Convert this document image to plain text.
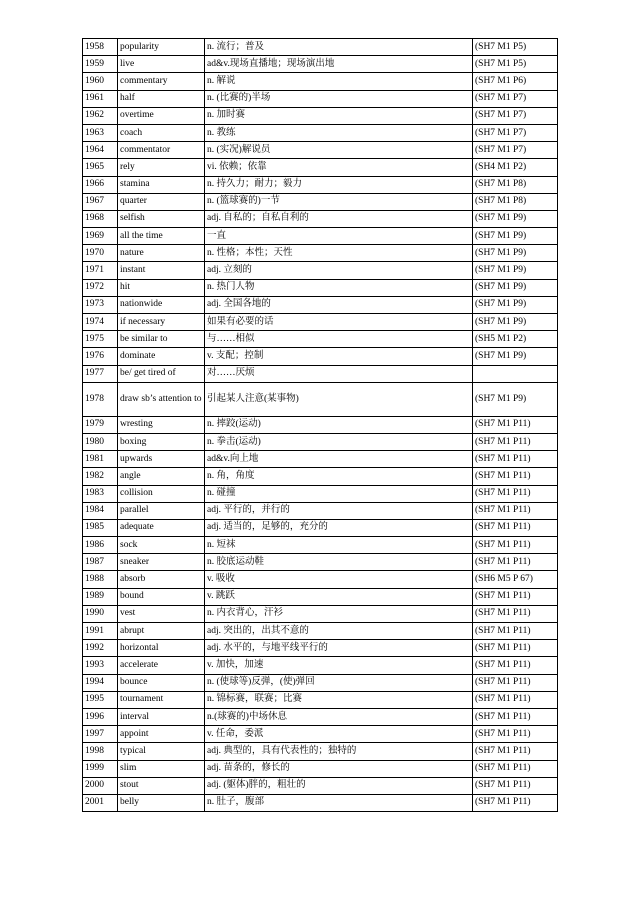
1958	popularity	n. 流行；普及	(SH7 M1 P5)
1959	live	ad&v.现场直播地；现场演出地	(SH7 M1 P5)
1960	commentary	n. 解说	(SH7 M1 P6)
1961	half	n. (比赛的)半场	(SH7 M1 P7)
1962	overtime	n. 加时赛	(SH7 M1 P7)
1963	coach	n. 教练	(SH7 M1 P7)
1964	commentator	n. (实况)解说员	(SH7 M1 P7)
1965	rely	vi. 依赖；依靠	(SH4 M1 P2)
1966	stamina	n. 持久力；耐力；毅力	(SH7 M1 P8)
1967	quarter	n. (篮球赛的)一节	(SH7 M1 P8)
1968	selfish	adj. 自私的；自私自利的	(SH7 M1 P9)
1969	all the time	一直	(SH7 M1 P9)
1970	nature	n. 性格；本性；天性	(SH7 M1 P9)
1971	instant	adj. 立刻的	(SH7 M1 P9)
1972	hit	n. 热门人物	(SH7 M1 P9)
1973	nationwide	adj. 全国各地的	(SH7 M1 P9)
1974	if necessary	如果有必要的话	(SH7 M1 P9)
1975	be similar to	与……相似	(SH5 M1 P2)
1976	dominate	v. 支配；控制	(SH7 M1 P9)
1977	be/ get tired of	对……厌烦	
1978	draw sb’s attention to	引起某人注意(某事物)	(SH7 M1 P9)
1979	wresting	n. 摔跤(运动)	(SH7 M1 P11)
1980	boxing	n. 拳击(运动)	(SH7 M1 P11)
1981	upwards	ad&v.向上地	(SH7 M1 P11)
1982	angle	n. 角，角度	(SH7 M1 P11)
1983	collision	n. 碰撞	(SH7 M1 P11)
1984	parallel	adj. 平行的，并行的	(SH7 M1 P11)
1985	adequate	adj. 适当的，足够的，充分的	(SH7 M1 P11)
1986	sock	n. 短袜	(SH7 M1 P11)
1987	sneaker	n. 胶底运动鞋	(SH7 M1 P11)
1988	absorb	v. 吸收	(SH6 M5 P 67)
1989	bound	v. 跳跃	(SH7 M1 P11)
1990	vest	n. 内衣背心，汗衫	(SH7 M1 P11)
1991	abrupt	adj. 突出的，出其不意的	(SH7 M1 P11)
1992	horizontal	adj. 水平的，与地平线平行的	(SH7 M1 P11)
1993	accelerate	v. 加快，加速	(SH7 M1 P11)
1994	bounce	n. (使球等)反弹，(使)弹回	(SH7 M1 P11)
1995	tournament	n. 锦标赛，联赛；比赛	(SH7 M1 P11)
1996	interval	n.(球赛的)中场休息	(SH7 M1 P11)
1997	appoint	v. 任命，委派	(SH7 M1 P11)
1998	typical	adj. 典型的，具有代表性的；独特的	(SH7 M1 P11)
1999	slim	adj. 苗条的，修长的	(SH7 M1 P11)
2000	stout	adj. (躯体)胖的，粗壮的	(SH7 M1 P11)
2001	belly	n. 肚子，腹部	(SH7 M1 P11)
